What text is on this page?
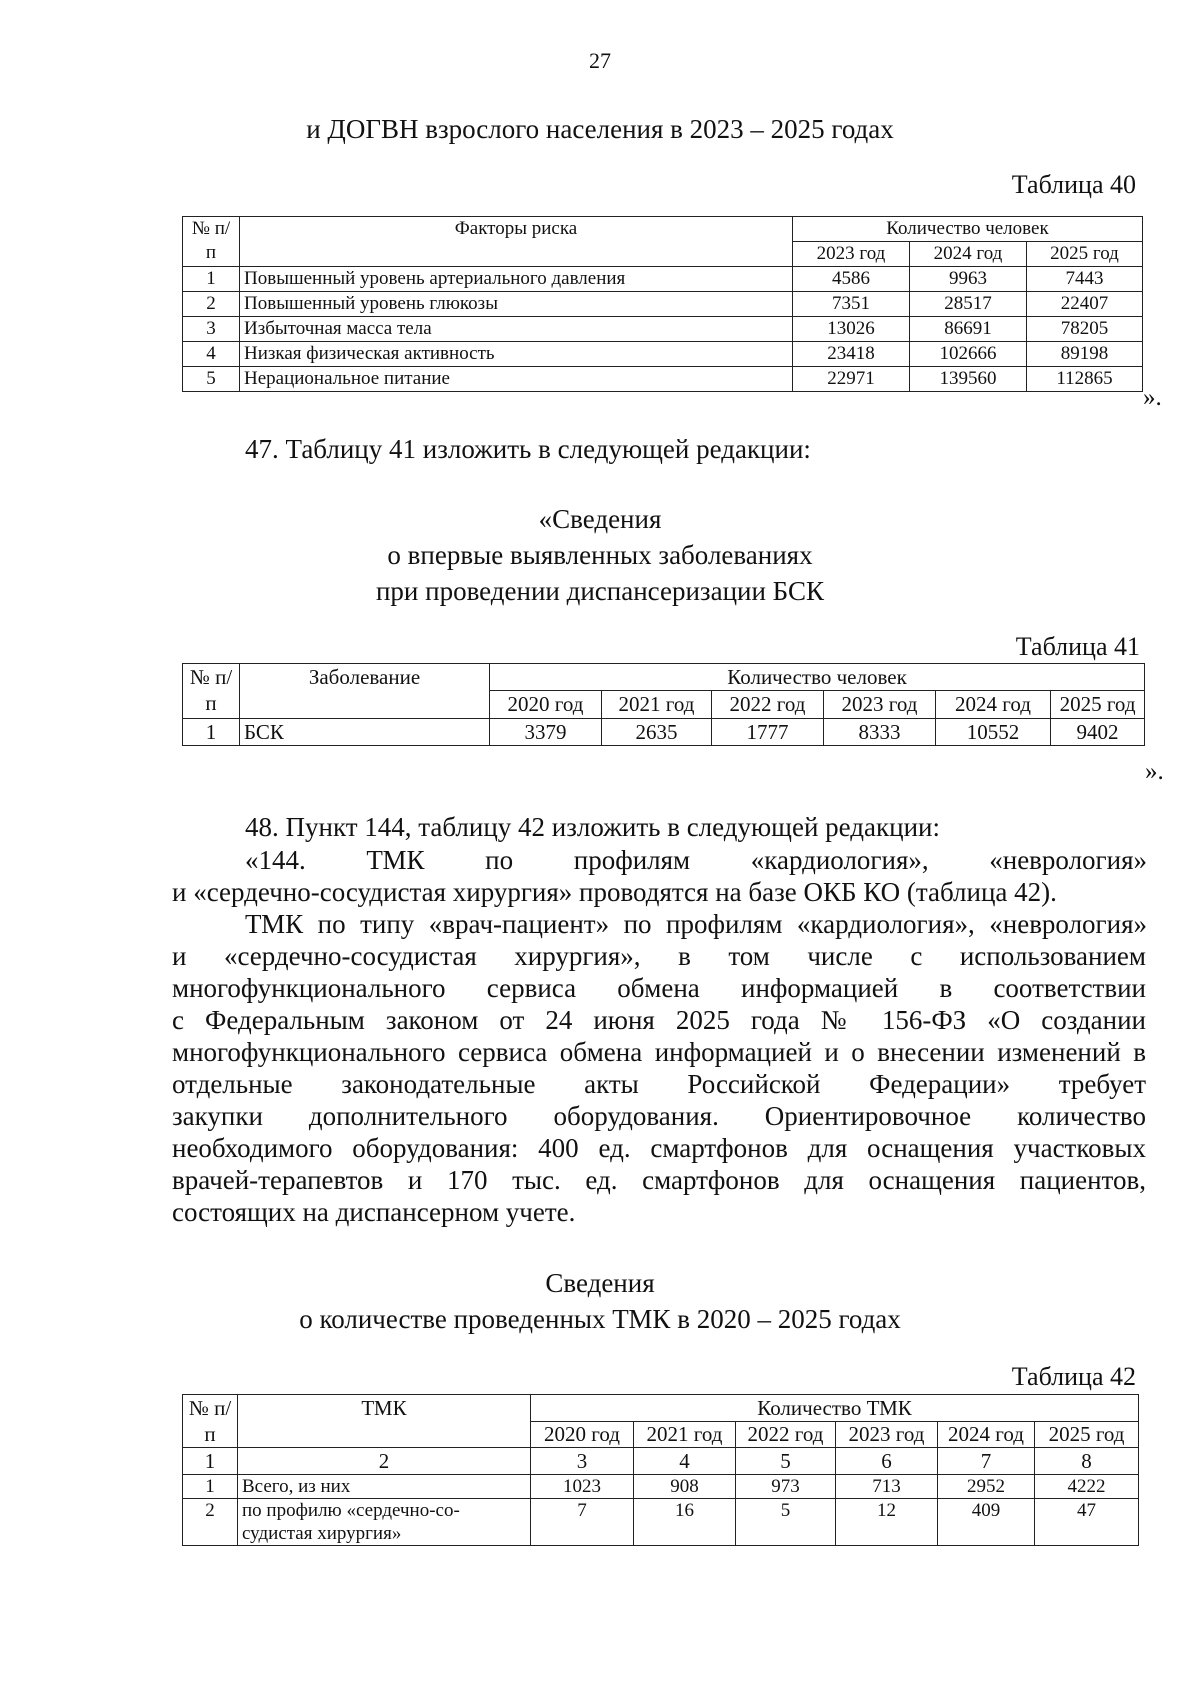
27
и ДОГВН взрослого населения в 2023 – 2025 годах
Таблица 40
№ п/п	Факторы риска	Количество человек		
		2023 год	2024 год	2025 год
1	Повышенный уровень артериального давления	4586	9963	7443
2	Повышенный уровень глюкозы	7351	28517	22407
3	Избыточная масса тела	13026	86691	78205
4	Низкая физическая активность	23418	102666	89198
5	Нерациональное питание	22971	139560	112865
».
47. Таблицу 41 изложить в следующей редакции:
«Сведения
о впервые выявленных заболеваниях
при проведении диспансеризации БСК
Таблица 41
№ п/п	Заболевание	Количество человек					
		2020 год	2021 год	2022 год	2023 год	2024 год	2025 год

1	БСК	3379	2635	1777	8333	10552	9402
».
48. Пункт 144, таблицу 42 изложить в следующей редакции:
«144. ТМК по профилям «кардиология», «неврология»
и «сердечно-сосудистая хирургия» проводятся на базе ОКБ КО (таблица 42).
ТМК по типу «врач-пациент» по профилям «кардиология», «неврология»
и «сердечно-сосудистая хирургия», в том числе с использованием
многофункционального сервиса обмена информацией в соответствии
с Федеральным законом от 24 июня 2025 года № 156-ФЗ «О создании
многофункционального сервиса обмена информацией и о внесении изменений в
отдельные законодательные акты Российской Федерации» требует
закупки дополнительного оборудования. Ориентировочное количество
необходимого оборудования: 400 ед. смартфонов для оснащения участковых
врачей-терапевтов и 170 тыс. ед. смартфонов для оснащения пациентов,
состоящих на диспансерном учете.
Сведения
о количестве проведенных ТМК в 2020 – 2025 годах
Таблица 42
№ п/п	ТМК	Количество ТМК					
		2020 год	2021 год	2022 год	2023 год	2024 год	2025 год
1	2	3	4	5	6	7	8
1	Всего, из них	1023	908	973	713	2952	4222
2	по профилю «сердечно-со-
судистая хирургия»	7	16	5	12	409	47
